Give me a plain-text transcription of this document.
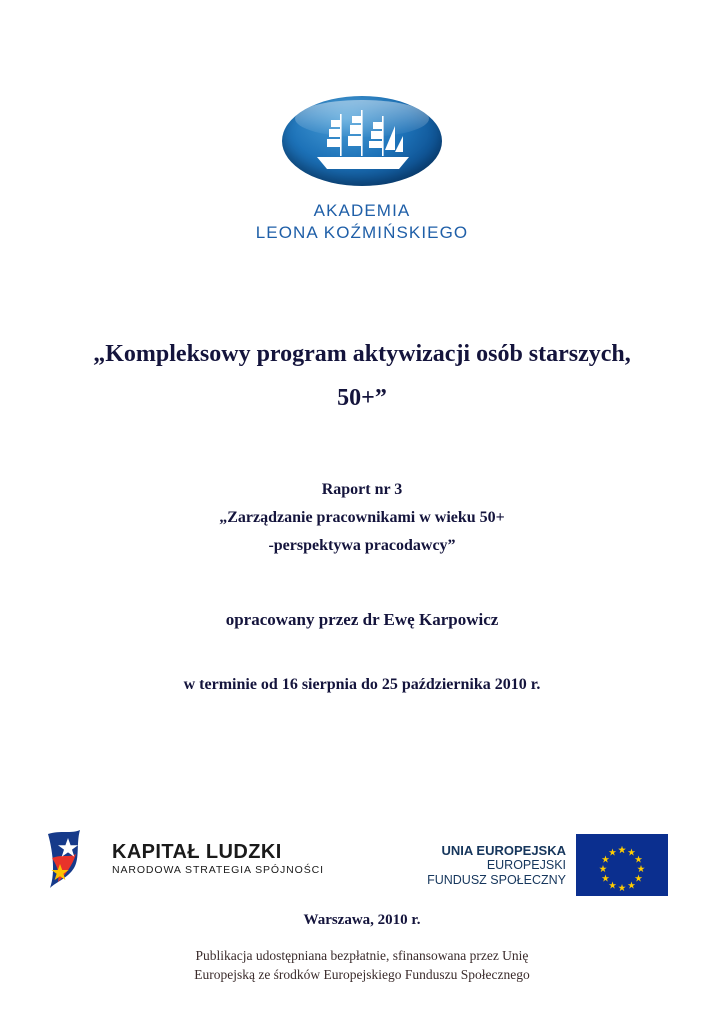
AKADEMIA
LEONA KOŹMIŃSKIEGO
„Kompleksowy program aktywizacji osób starszych, 50+”
Raport nr 3
„Zarządzanie pracownikami w wieku 50+
-perspektywa pracodawcy”
opracowany przez dr Ewę Karpowicz
w terminie od 16 sierpnia do 25 października 2010 r.
KAPITAŁ LUDZKI
NARODOWA STRATEGIA SPÓJNOŚCI
UNIA EUROPEJSKA
EUROPEJSKI
FUNDUSZ SPOŁECZNY
Warszawa, 2010 r.
Publikacja udostępniana bezpłatnie, sfinansowana przez Unię
Europejską ze środków Europejskiego Funduszu Społecznego
